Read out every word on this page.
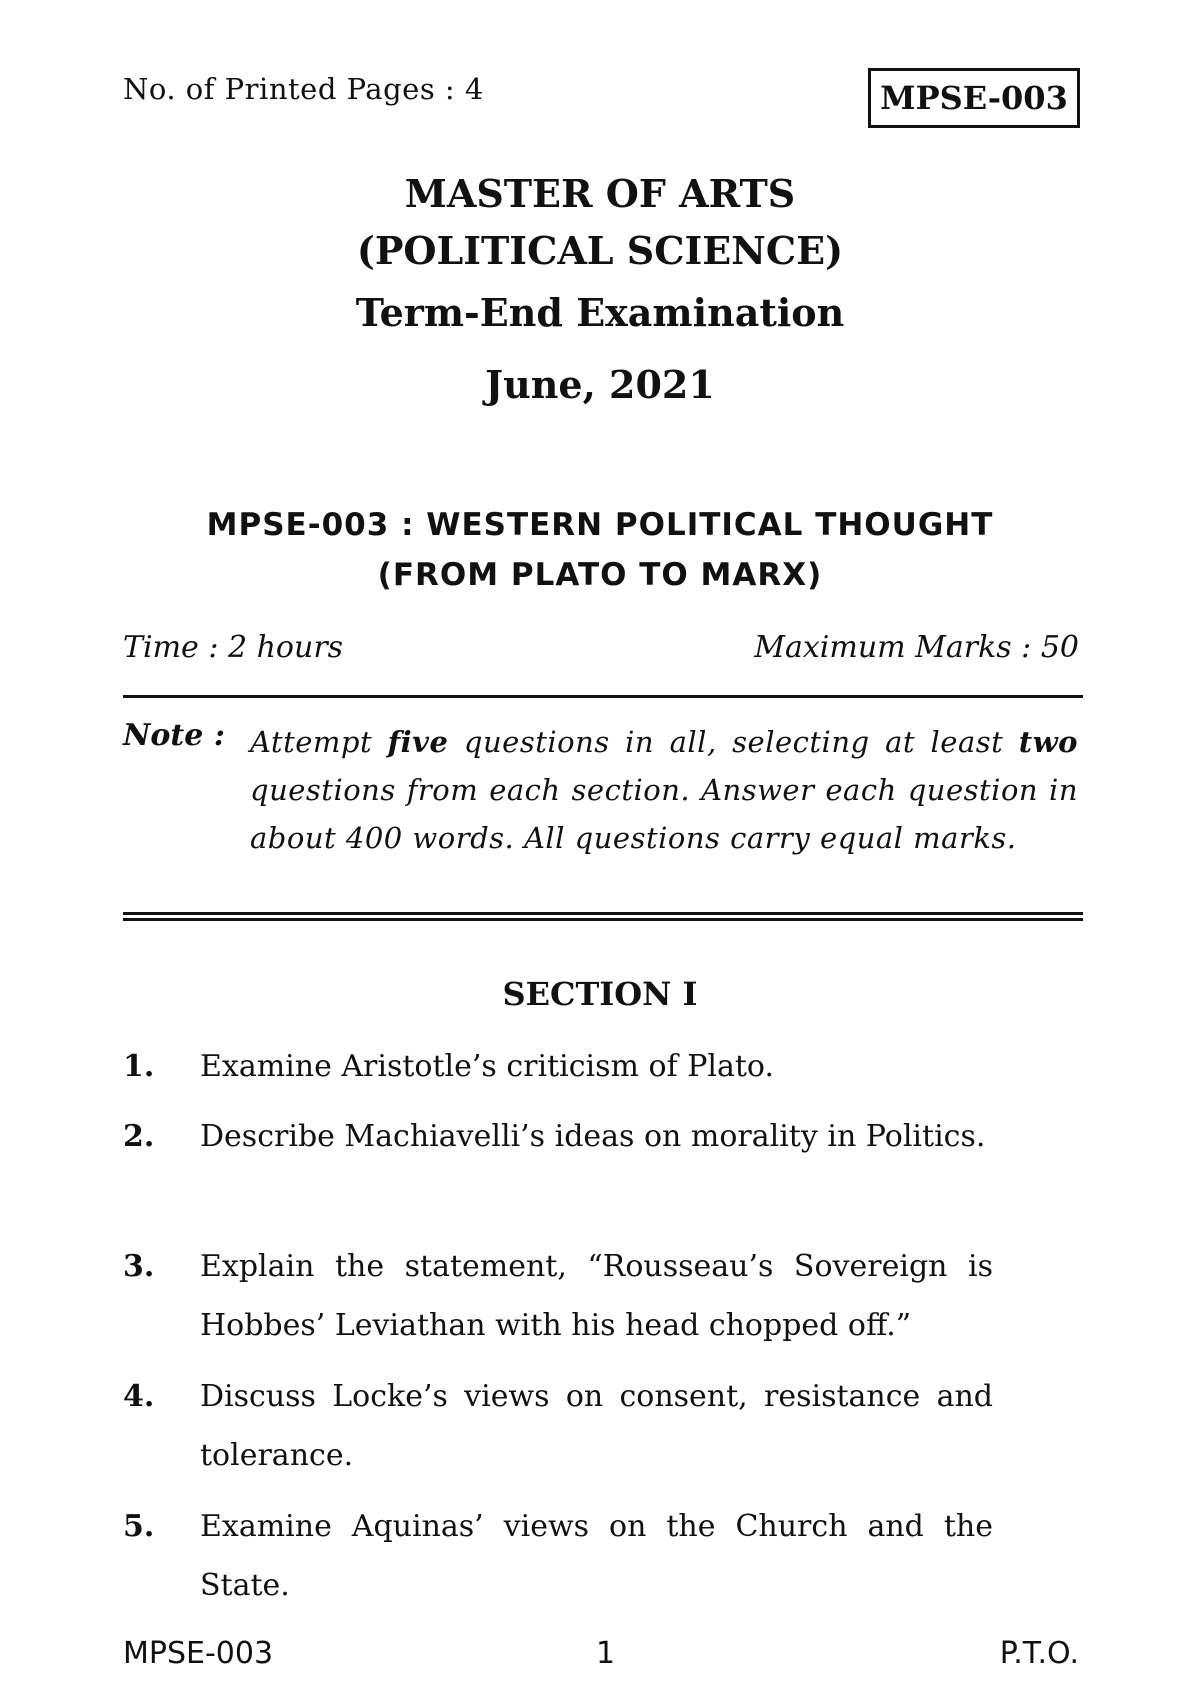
No. of Printed Pages : 4	MPSE-003
MASTER OF ARTS
(POLITICAL SCIENCE)
Term-End Examination
June, 2021
MPSE-003 : WESTERN POLITICAL THOUGHT
(FROM PLATO TO MARX)
Time : 2 hours	Maximum Marks : 50
Note : Attempt five questions in all, selecting at least two questions from each section. Answer each question in about 400 words. All questions carry equal marks.
SECTION I
1. Examine Aristotle’s criticism of Plato.
2. Describe Machiavelli’s ideas on morality in Politics.
3. Explain the statement, “Rousseau’s Sovereign is Hobbes’ Leviathan with his head chopped off.”
4. Discuss Locke’s views on consent, resistance and tolerance.
5. Examine Aquinas’ views on the Church and the State.
MPSE-003	1	P.T.O.
